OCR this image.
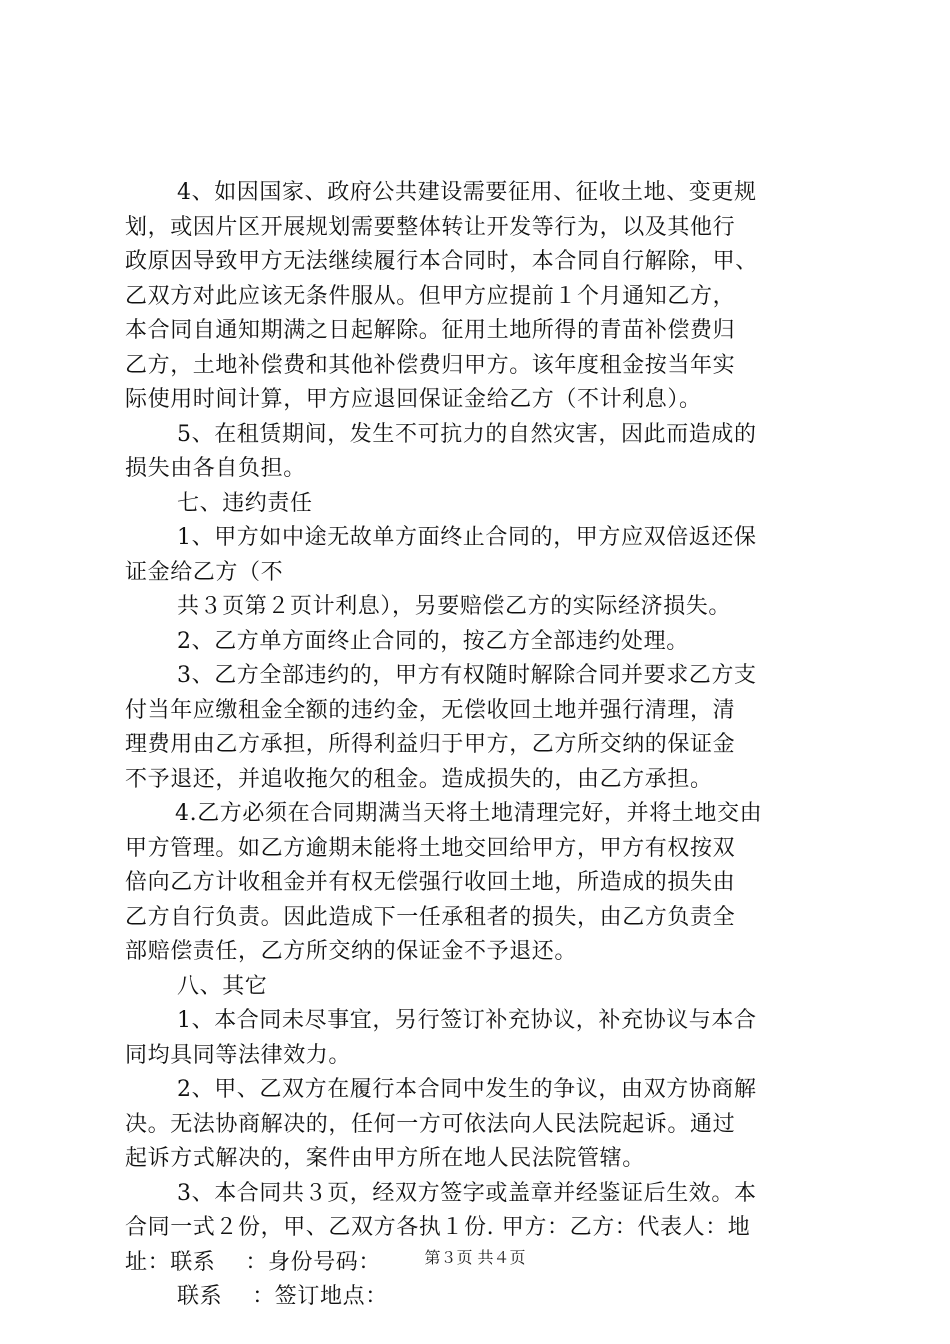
4、如因国家、政府公共建设需要征用、征收土地、变更规
划，或因片区开展规划需要整体转让开发等行为，以及其他行
政原因导致甲方无法继续履行本合同时，本合同自行解除，甲、
乙双方对此应该无条件服从。但甲方应提前１个月通知乙方，
本合同自通知期满之日起解除。征用土地所得的青苗补偿费归
乙方，土地补偿费和其他补偿费归甲方。该年度租金按当年实
际使用时间计算，甲方应退回保证金给乙方（不计利息）。
5、在租赁期间，发生不可抗力的自然灾害，因此而造成的
损失由各自负担。
七、违约责任
1、甲方如中途无故单方面终止合同的，甲方应双倍返还保
证金给乙方（不
共３页第２页计利息），另要赔偿乙方的实际经济损失。
2、乙方单方面终止合同的，按乙方全部违约处理。
3、乙方全部违约的，甲方有权随时解除合同并要求乙方支
付当年应缴租金全额的违约金，无偿收回土地并强行清理，清
理费用由乙方承担，所得利益归于甲方，乙方所交纳的保证金
不予退还，并追收拖欠的租金。造成损失的，由乙方承担。
4.乙方必须在合同期满当天将土地清理完好，并将土地交由
甲方管理。如乙方逾期未能将土地交回给甲方，甲方有权按双
倍向乙方计收租金并有权无偿强行收回土地，所造成的损失由
乙方自行负责。因此造成下一任承租者的损失，由乙方负责全
部赔偿责任，乙方所交纳的保证金不予退还。
八、其它
1、本合同未尽事宜，另行签订补充协议，补充协议与本合
同均具同等法律效力。
2、甲、乙双方在履行本合同中发生的争议，由双方协商解
决。无法协商解决的，任何一方可依法向人民法院起诉。通过
起诉方式解决的，案件由甲方所在地人民法院管辖。
3、本合同共３页，经双方签字或盖章并经鉴证后生效。本
合同一式２份，甲、乙双方各执１份. 甲方：乙方：代表人：地
址：联系 ：身份号码：
联系 ：签订地点：
第３页 共４页
